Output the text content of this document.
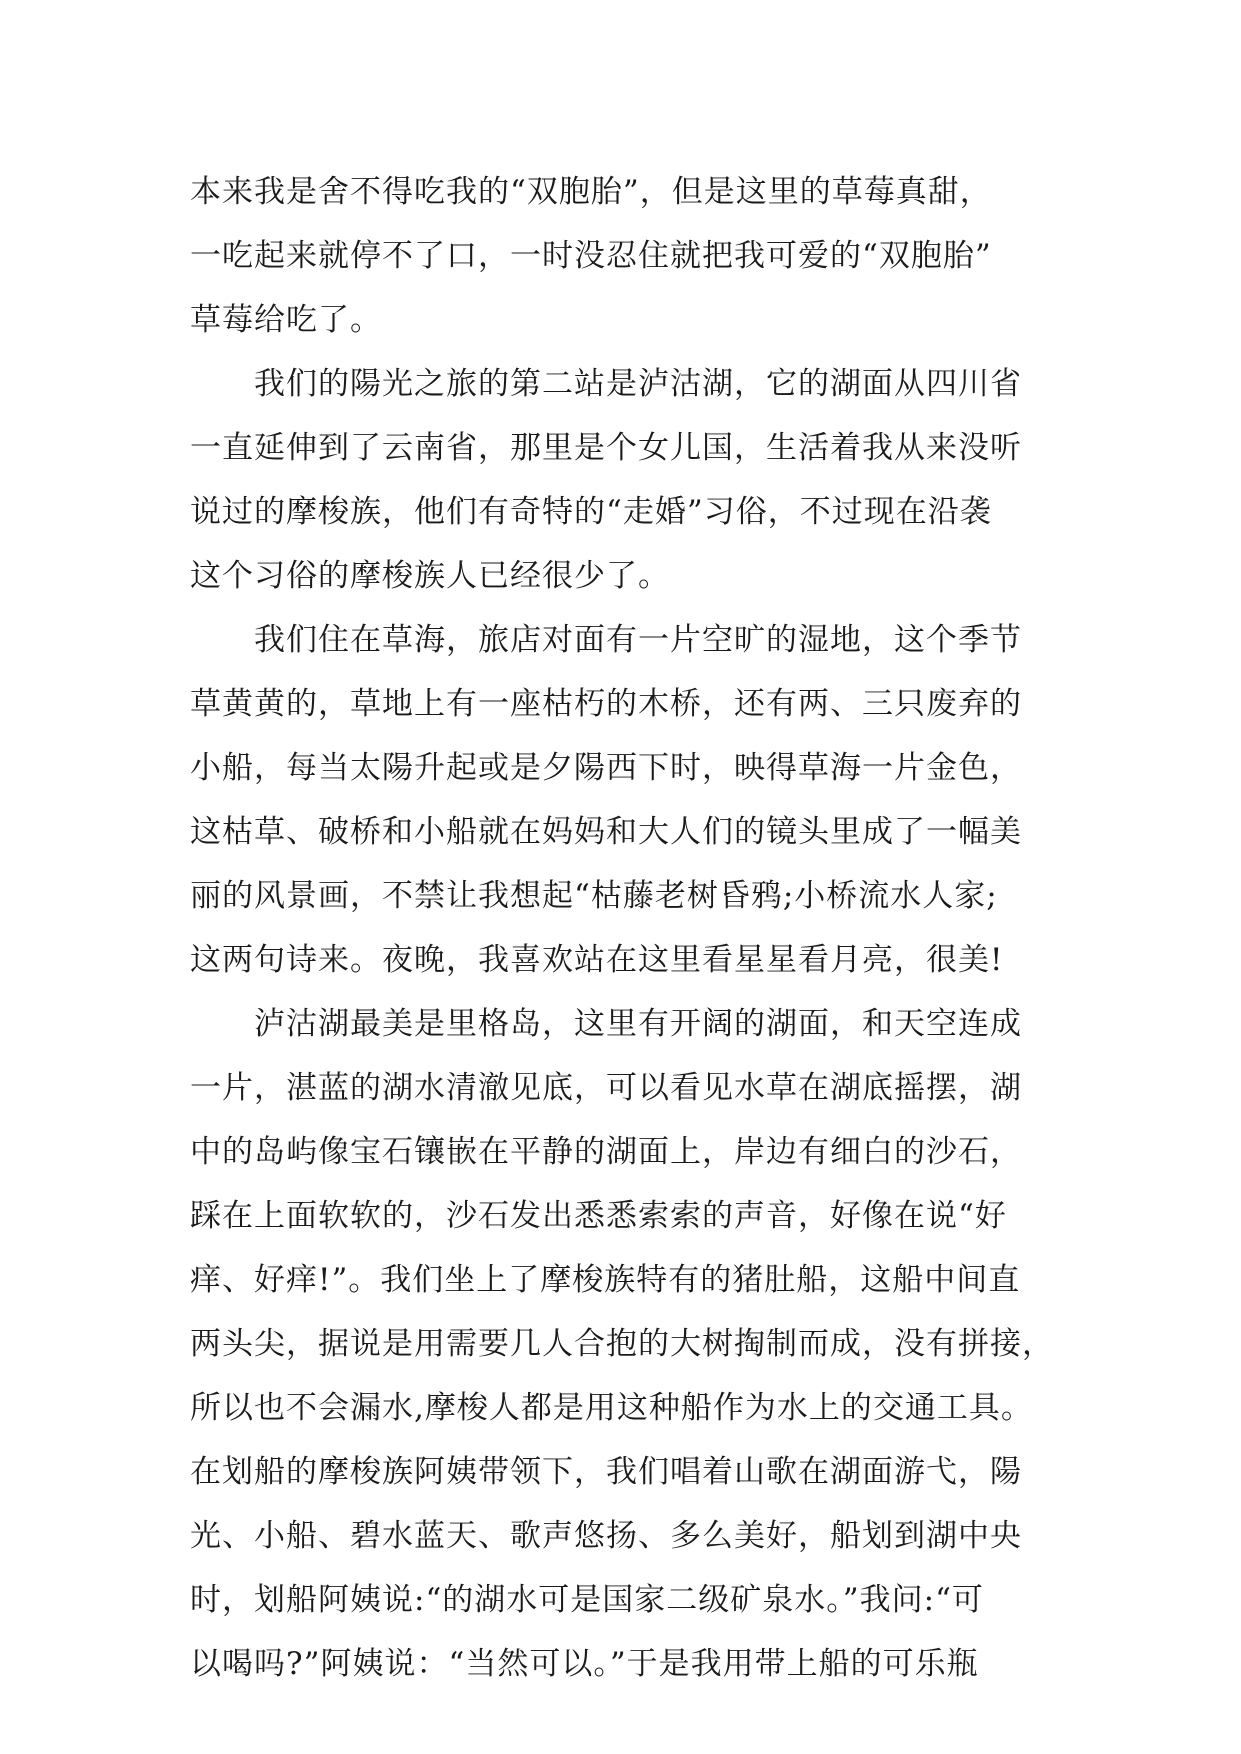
本来我是舍不得吃我的“双胞胎”，但是这里的草莓真甜，
一吃起来就停不了口，一时没忍住就把我可爱的“双胞胎”
草莓给吃了。
我们的陽光之旅的第二站是泸沽湖，它的湖面从四川省
一直延伸到了云南省，那里是个女儿国，生活着我从来没听
说过的摩梭族，他们有奇特的“走婚”习俗，不过现在沿袭
这个习俗的摩梭族人已经很少了。
我们住在草海，旅店对面有一片空旷的湿地，这个季节
草黄黄的，草地上有一座枯朽的木桥，还有两、三只废弃的
小船，每当太陽升起或是夕陽西下时，映得草海一片金色，
这枯草、破桥和小船就在妈妈和大人们的镜头里成了一幅美
丽的风景画，不禁让我想起“枯藤老树昏鸦;小桥流水人家;
这两句诗来。夜晚，我喜欢站在这里看星星看月亮，很美!
泸沽湖最美是里格岛，这里有开阔的湖面，和天空连成
一片，湛蓝的湖水清澈见底，可以看见水草在湖底摇摆，湖
中的岛屿像宝石镶嵌在平静的湖面上，岸边有细白的沙石，
踩在上面软软的，沙石发出悉悉索索的声音，好像在说“好
痒、好痒!”。我们坐上了摩梭族特有的猪肚船，这船中间直
两头尖，据说是用需要几人合抱的大树掏制而成，没有拼接，
所以也不会漏水,摩梭人都是用这种船作为水上的交通工具。
在划船的摩梭族阿姨带领下，我们唱着山歌在湖面游弋，陽
光、小船、碧水蓝天、歌声悠扬、多么美好，船划到湖中央
时，划船阿姨说:“的湖水可是国家二级矿泉水。”我问:“可
以喝吗?”阿姨说：“当然可以。”于是我用带上船的可乐瓶
